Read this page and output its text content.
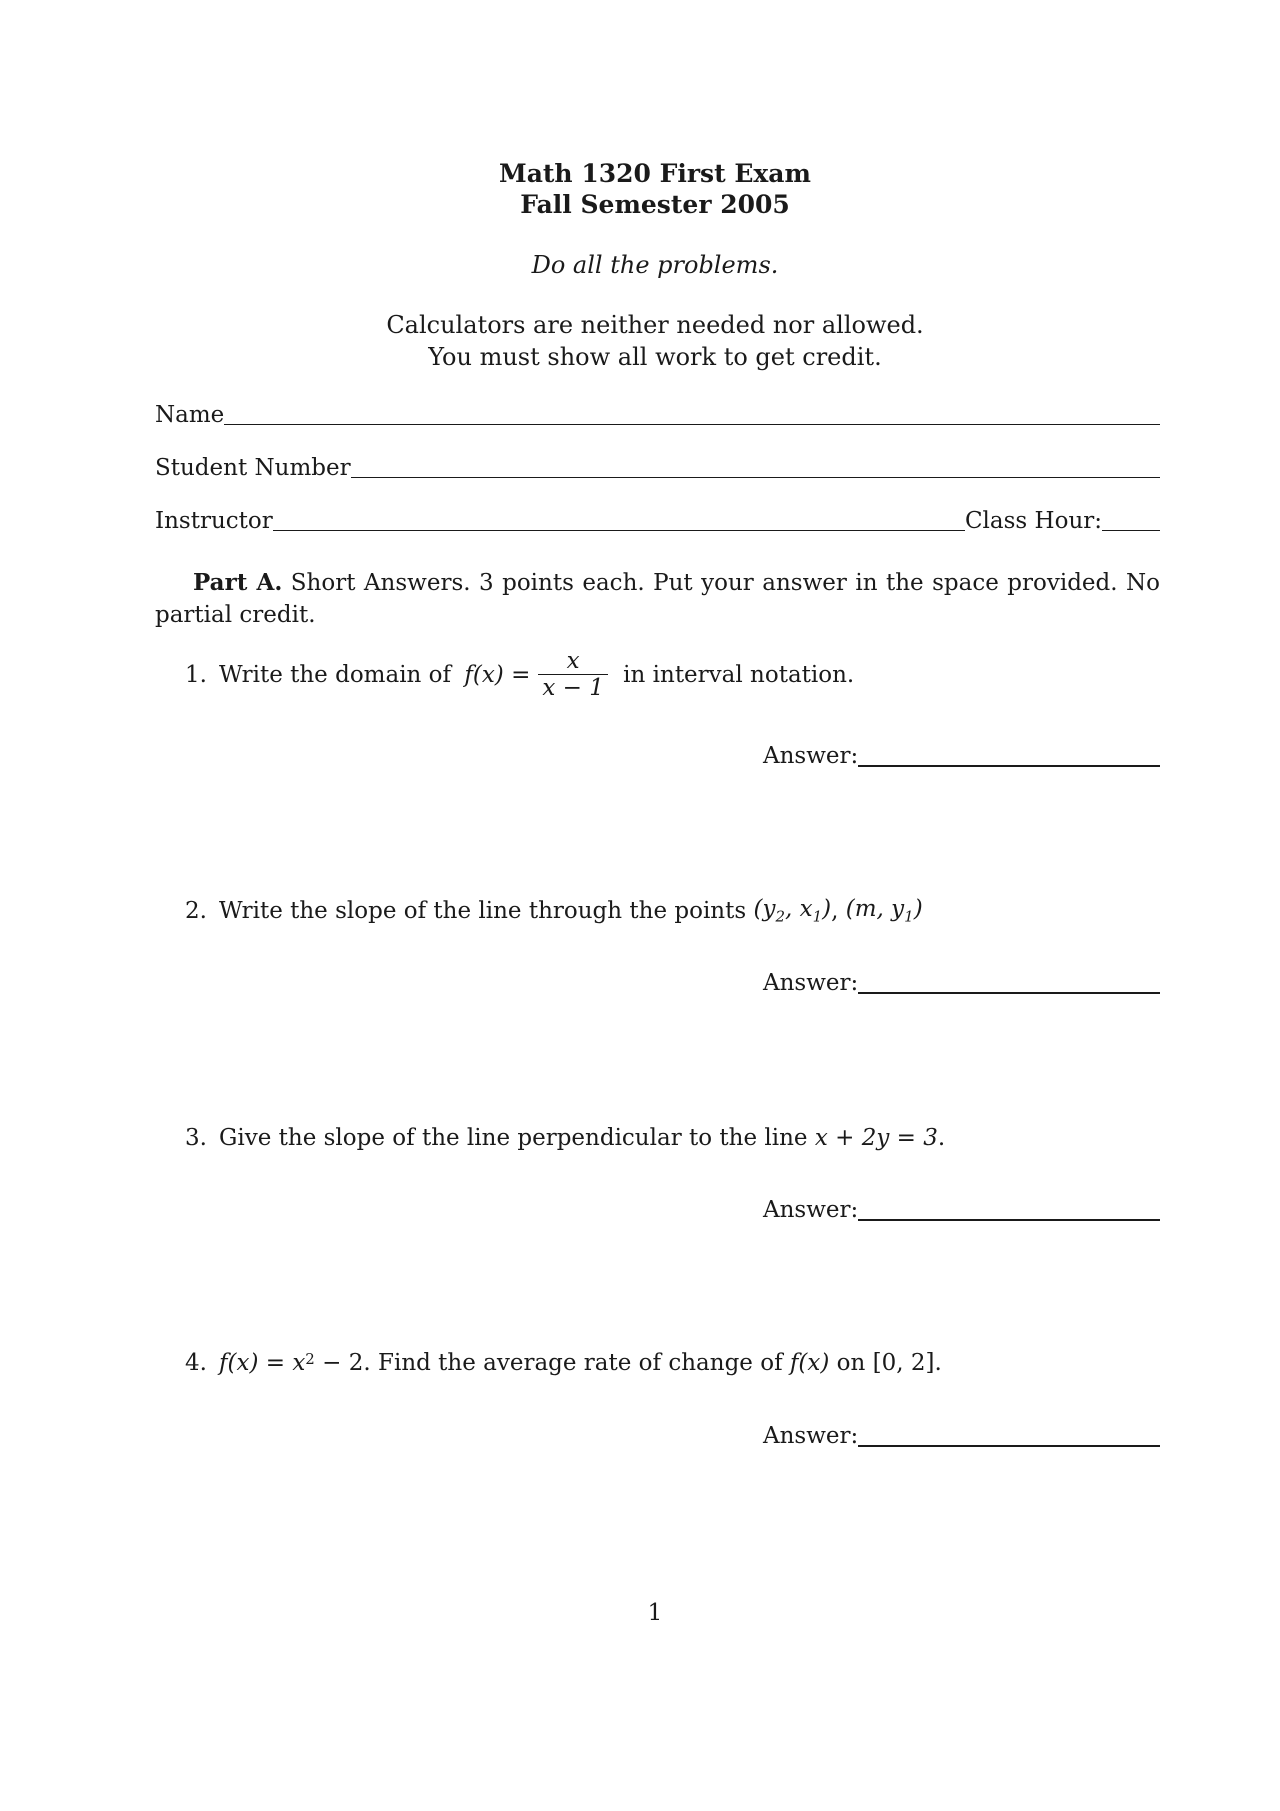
Math 1320 First Exam
Fall Semester 2005
Do all the problems.
Calculators are neither needed nor allowed.
You must show all work to get credit.
Name
Student Number
Instructor	Class Hour:
Part A. Short Answers. 3 points each. Put your answer in the space provided. No partial credit.
1. Write the domain of $f(x) = \frac{x}{x - 1}$ in interval notation.
Answer:
2. Write the slope of the line through the points ($y_2$, $x_1$) , (m, $y_1$)
Answer:
3. Give the slope of the line perpendicular to the line x + 2y = 3 .
Answer:
4. f(x) = x 2 − 2. Find the average rate of change of f(x) on [0, 2] .
Answer:
1
